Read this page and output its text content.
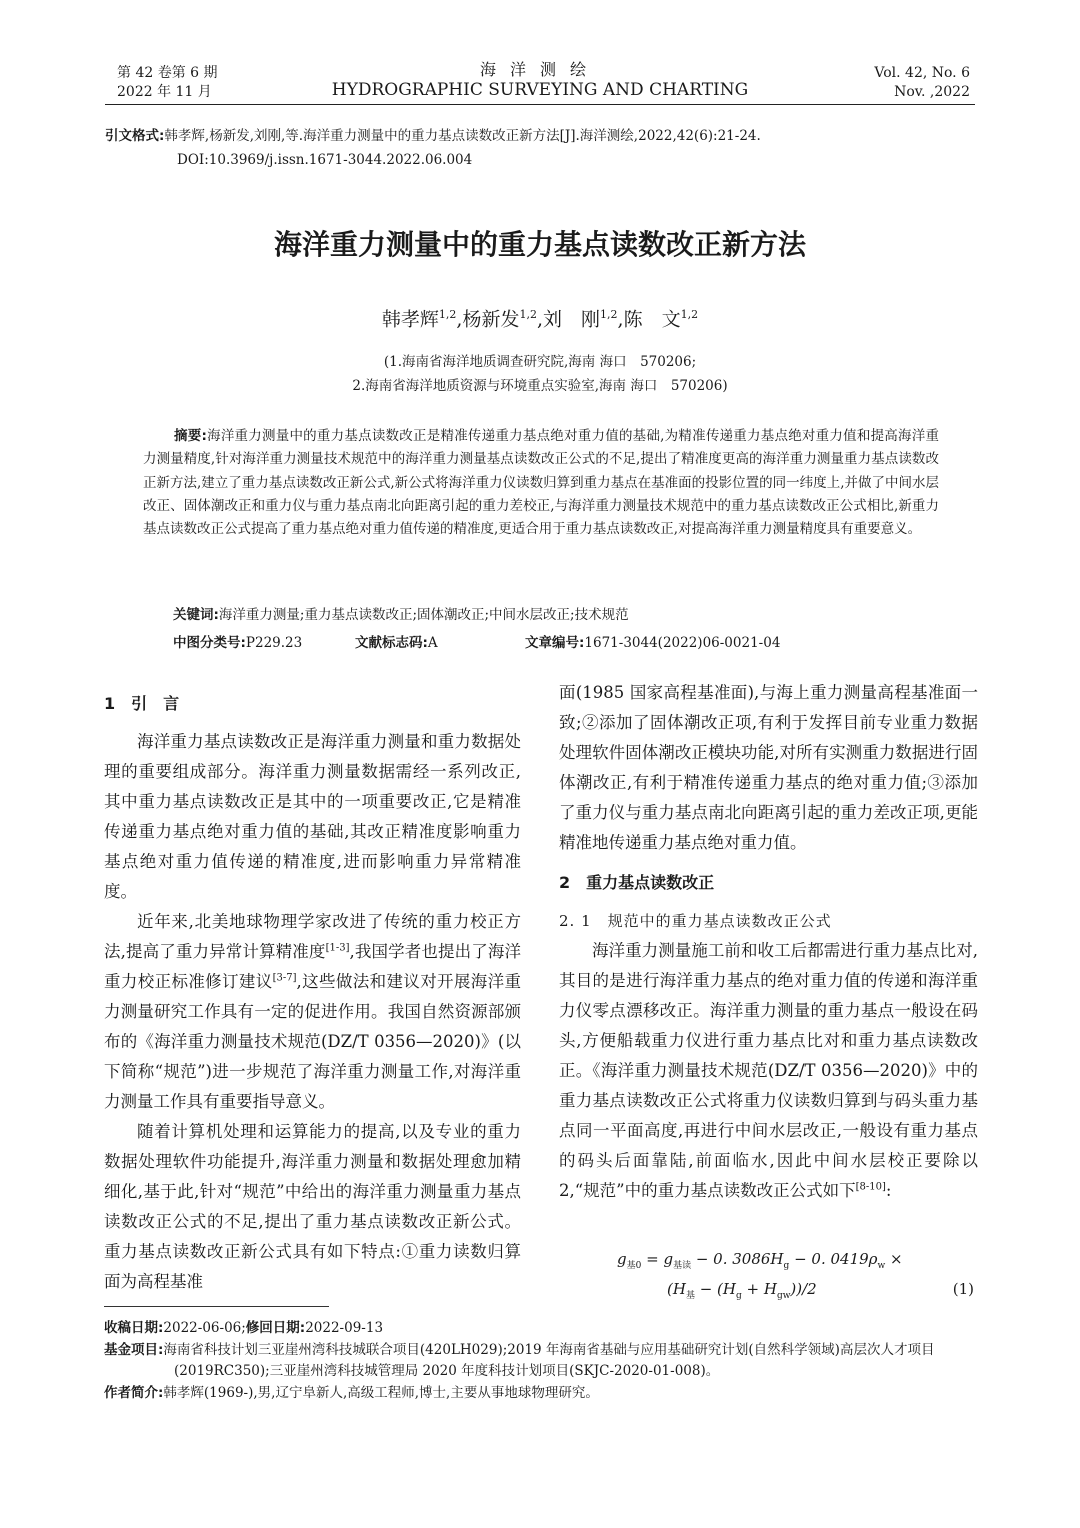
第 42 卷第 6 期
2022 年 11 月
海洋测绘
HYDROGRAPHIC SURVEYING AND CHARTING
Vol. 42, No. 6
Nov. ,2022
引文格式:韩孝辉,杨新发,刘刚,等.海洋重力测量中的重力基点读数改正新方法[J].海洋测绘,2022,42(6):21-24.
DOI:10.3969/j.issn.1671-3044.2022.06.004
海洋重力测量中的重力基点读数改正新方法
韩孝辉$^{1,2}$,杨新发$^{1,2}$,刘　刚$^{1,2}$,陈　文$^{1,2}$
(1.海南省海洋地质调查研究院,海南 海口　570206;
2.海南省海洋地质资源与环境重点实验室,海南 海口　570206)
摘要:海洋重力测量中的重力基点读数改正是精准传递重力基点绝对重力值的基础,为精准传递重力基点绝对重力值和提高海洋重力测量精度,针对海洋重力测量技术规范中的海洋重力测量基点读数改正公式的不足,提出了精准度更高的海洋重力测量重力基点读数改正新方法,建立了重力基点读数改正新公式,新公式将海洋重力仪读数归算到重力基点在基准面的投影位置的同一纬度上,并做了中间水层改正、固体潮改正和重力仪与重力基点南北向距离引起的重力差校正,与海洋重力测量技术规范中的重力基点读数改正公式相比,新重力基点读数改正公式提高了重力基点绝对重力值传递的精准度,更适合用于重力基点读数改正,对提高海洋重力测量精度具有重要意义。
关键词:海洋重力测量;重力基点读数改正;固体潮改正;中间水层改正;技术规范
中图分类号:P229.23	文献标志码:A	文章编号:1671-3044(2022)06-0021-04

1　引　言

海洋重力基点读数改正是海洋重力测量和重力数据处理的重要组成部分。海洋重力测量数据需经一系列改正,其中重力基点读数改正是其中的一项重要改正,它是精准传递重力基点绝对重力值的基础,其改正精准度影响重力基点绝对重力值传递的精准度,进而影响重力异常精准度。

近年来,北美地球物理学家改进了传统的重力校正方法,提高了重力异常计算精准度[1-3],我国学者也提出了海洋重力校正标准修订建议[3-7],这些做法和建议对开展海洋重力测量研究工作具有一定的促进作用。我国自然资源部颁布的《海洋重力测量技术规范(DZ/T 0356—2020)》(以下简称“规范”)进一步规范了海洋重力测量工作,对海洋重力测量工作具有重要指导意义。

随着计算机处理和运算能力的提高,以及专业的重力数据处理软件功能提升,海洋重力测量和数据处理愈加精细化,基于此,针对“规范”中给出的海洋重力测量重力基点读数改正公式的不足,提出了重力基点读数改正新公式。重力基点读数改正新公式具有如下特点:①重力读数归算面为高程基准

面(1985 国家高程基准面),与海上重力测量高程基准面一致;②添加了固体潮改正项,有利于发挥目前专业重力数据处理软件固体潮改正模块功能,对所有实测重力数据进行固体潮改正,有利于精准传递重力基点的绝对重力值;③添加了重力仪与重力基点南北向距离引起的重力差改正项,更能精准地传递重力基点绝对重力值。

2　重力基点读数改正

2. 1　规范中的重力基点读数改正公式

海洋重力测量施工前和收工后都需进行重力基点比对,其目的是进行海洋重力基点的绝对重力值的传递和海洋重力仪零点漂移改正。海洋重力测量的重力基点一般设在码头,方便船载重力仪进行重力基点比对和重力基点读数改正。《海洋重力测量技术规范(DZ/T 0356—2020)》中的重力基点读数改正公式将重力仪读数归算到与码头重力基点同一平面高度,再进行中间水层改正,一般设有重力基点的码头后面靠陆,前面临水,因此中间水层校正要除以 2,“规范”中的重力基点读数改正公式如下[8-10]:

$g_{基0} = g_{基读} - 0$. $3086H_g - 0$. $0419\rho_w$ ×
$(H_基 - (H_g + H_{gw}))/2$	(1)
收稿日期:2022-06-06;修回日期:2022-09-13
基金项目:海南省科技计划三亚崖州湾科技城联合项目(420LH029);2019 年海南省基础与应用基础研究计划(自然科学领域)高层次人才项目(2019RC350);三亚崖州湾科技城管理局 2020 年度科技计划项目(SKJC-2020-01-008)。
作者简介:韩孝辉(1969-),男,辽宁阜新人,高级工程师,博士,主要从事地球物理研究。
